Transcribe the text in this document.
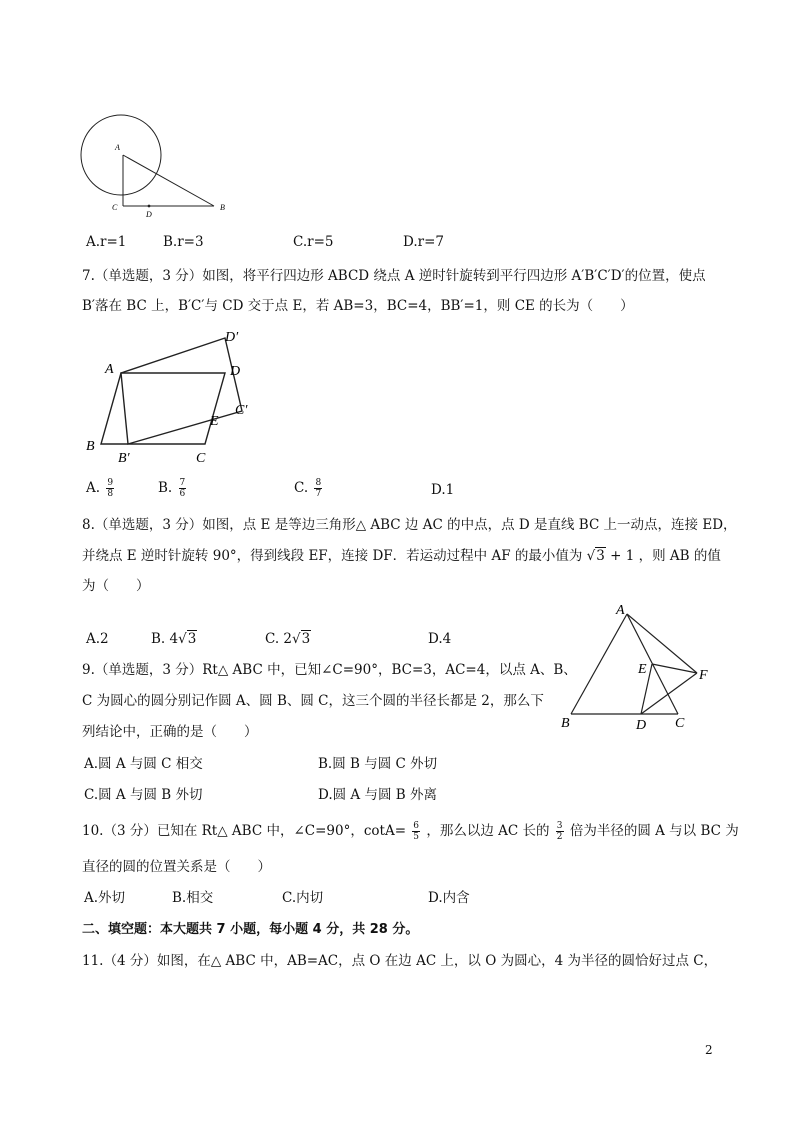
A
C
D
B
A.r=1	B.r=3	C.r=5	D.r=7
7.（单选题，3 分）如图，将平行四边形 ABCD 绕点 A 逆时针旋转到平行四边形 A′B′C′D′的位置，使点
B′落在 BC 上，B′C′与 CD 交于点 E，若 AB=3，BC=4，BB′=1，则 CE 的长为（　　）
A	D
D′
C′
E
B
B′	C
A. $\frac{9}{8}$	B. $\frac{7}{6}$	C. $\frac{8}{7}$	D.1
8.（单选题，3 分）如图，点 E 是等边三角形△ ABC 边 AC 的中点，点 D 是直线 BC 上一动点，连接 ED，
并绕点 E 逆时针旋转 90°，得到线段 EF，连接 DF．若运动过程中 AF 的最小值为 √3 + 1 ，则 AB 的值
为（　　）
A.2	B. 4√3	C. 2√3	D.4
A
E	F
B	D C
9.（单选题，3 分）Rt△ ABC 中，已知∠C=90°，BC=3，AC=4，以点 A、B、
C 为圆心的圆分别记作圆 A、圆 B、圆 C，这三个圆的半径长都是 2，那么下
列结论中，正确的是（　　）
A.圆 A 与圆 C 相交	B.圆 B 与圆 C 外切
C.圆 A 与圆 B 外切	D.圆 A 与圆 B 外离
10.（3 分）已知在 Rt△ ABC 中，∠C=90°，$\cot A= \frac{6}{5}$ ，那么以边 AC 长的 $\frac{3}{2}$ 倍为半径的圆 A 与以 BC 为
直径的圆的位置关系是（　　）
A.外切	B.相交	C.内切	D.内含
二、填空题：本大题共 7 小题，每小题 4 分，共 28 分。
11.（4 分）如图，在△ ABC 中，AB=AC，点 O 在边 AC 上，以 O 为圆心，4 为半径的圆恰好过点 C，
2
